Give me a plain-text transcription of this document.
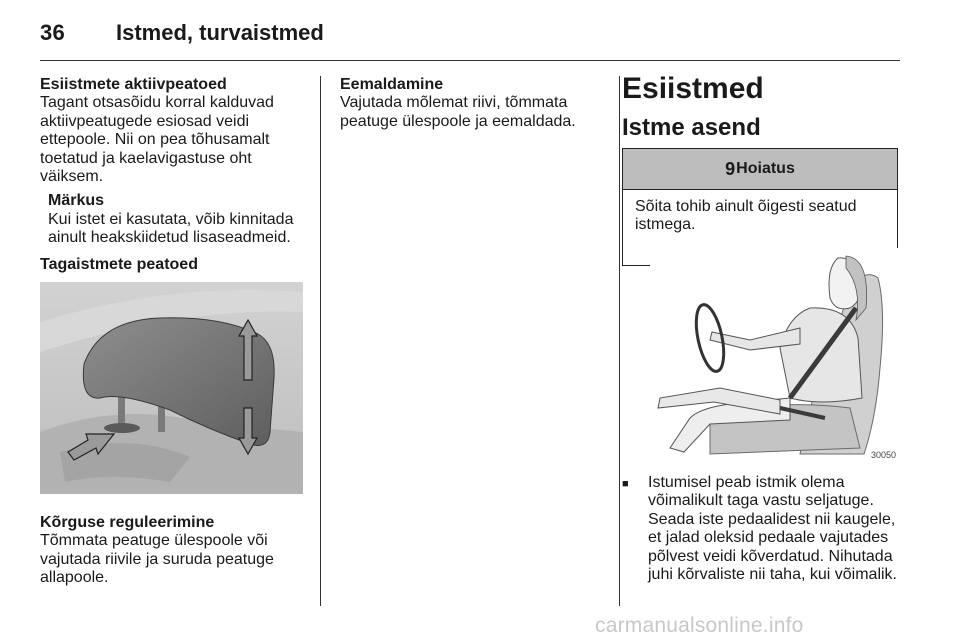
36 Istmed, turvaistmed

Esiistmete aktiivpeatoed

Tagant otsasõidu korral kalduvad

aktiivpeatugede esiosad veidi

ettepoole. Nii on pea tõhusamalt

toetatud ja kaelavigastuse oht

väiksem.

Märkus

Kui istet ei kasutata, võib kinnitada

ainult heakskiidetud lisaseadmeid.

Tagaistmete peatoed

Kõrguse reguleerimine

Tõmmata peatuge ülespoole või

vajutada riivile ja suruda peatuge

allapoole.

Eemaldamine

Vajutada mõlemat riivi, tõmmata

peatuge ülespoole ja eemaldada.

Esiistmed
Istme asend
9 Hoiatus
Sõita tohib ainult õigesti seatud
istmega.
30050
■	Istumisel peab istmik olema
võimalikult taga vastu seljatuge.
Seada iste pedaalidest nii kaugele,
et jalad oleksid pedaale vajutades
põlvest veidi kõverdatud. Nihutada
juhi kõrvaliste nii taha, kui võimalik.
carmanualsonline.info
